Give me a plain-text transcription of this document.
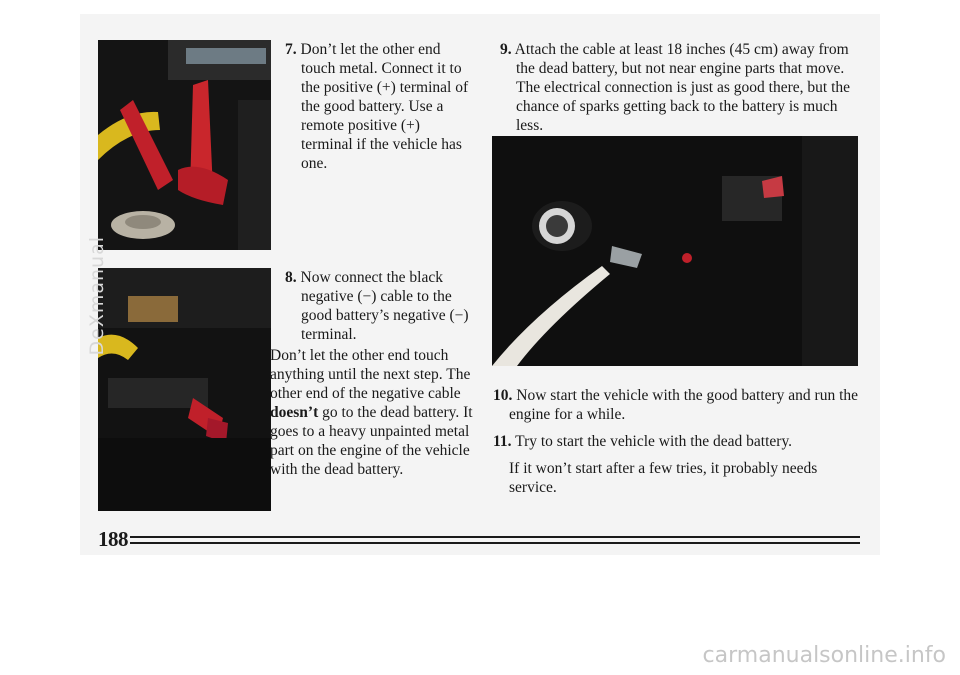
7. Don’t let the other end touch metal. Connect it to the positive (+) terminal of the good battery. Use a remote positive (+) terminal if the vehicle has one.

8. Now connect the black negative (−) cable to the good battery’s negative (−) terminal.

Don’t let the other end touch anything until the next step. The other end of the negative cable doesn’t go to the dead battery. It goes to a heavy unpainted metal part on the engine of the vehicle with the dead battery.

9. Attach the cable at least 18 inches (45 cm) away from the dead battery, but not near engine parts that move. The electrical connection is just as good there, but the chance of sparks getting back to the battery is much less.

10. Now start the vehicle with the good battery and run the engine for a while.

11. Try to start the vehicle with the dead battery.

If it won’t start after a few tries, it probably needs service.

188
DeXmanual
carmanualsonline.info
